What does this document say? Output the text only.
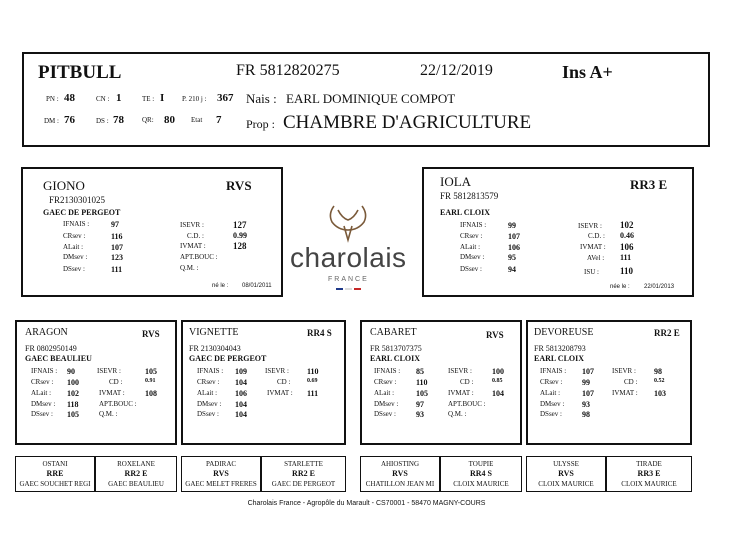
PITBULL	FR 5812820275	22/12/2019	Ins A+
PN : 48	CN : 1	TE : I	P. 210 j : 367 Nais : EARL DOMINIQUE COMPOT
DM : 76	DS : 78	QR: 80 Etat 7 Prop : CHAMBRE D'AGRICULTURE
GIONO	RVS
FR2130301025
GAEC DE PERGEOT
IFNAIS :	97
CRsev :	116
ALait :	107
DMsev :	123
DSsev :	111
ISEVR :	127
C.D. :	0.99
IVMAT :	128
APT.BOUC :
Q.M. :
né le : 08/01/2011
charolais
FRANCE
IOLA	RR3 E
FR 5812813579
EARL CLOIX
IFNAIS :	99
CRsev :	107
ALait :	106
DMsev :	95
DSsev :	94
ISEVR : 102
C.D. : 0.46
IVMAT : 106
AVel : 111
ISU : 110
née le : 22/01/2013
ARAGON	RVS
FR 0802950149
GAEC BEAULIEU
IFNAIS : 90
CRsev : 100
ALait : 102
DMsev : 118
DSsev : 105
ISEVR :	105
CD :	0.91
IVMAT :	108
APT.BOUC :
Q.M. :
VIGNETTE	RR4 S
FR 2130304043
GAEC DE PERGEOT
IFNAIS : 109
CRsev : 104
ALait : 106
DMsev : 104
DSsev : 104
ISEVR : 110
CD :	0.69
IVMAT : 111
CABARET	RVS
FR 5813707375
EARL CLOIX
IFNAIS : 85
CRsev : 110
ALait :	105
DMsev : 97
DSsev :	93
ISEVR :	100
CD :	0.85
IVMAT : 104
APT.BOUC :
Q.M. :
DEVOREUSE	RR2 E
FR 5813208793
EARL CLOIX
IFNAIS : 107
CRsev : 99
ALait :	107
DMsev : 93
DSsev :	98
ISEVR : 98
CD :	0.52
IVMAT : 103
OSTANI
RRE
GAEC SOUCHET REGI
ROXELANE
RR2 E
GAEC BEAULIEU
PADIRAC
RVS
GAEC MELET FRERES
STARLETTE
RR2 E
GAEC DE PERGEOT
AHIOSTING
RVS
CHATILLON JEAN MI
TOUPIE
RR4 S
CLOIX MAURICE
ULYSSE
RVS
CLOIX MAURICE
TIRADE
RR3 E
CLOIX MAURICE
Charolais France - Agropôle du Marault - CS70001 - 58470 MAGNY-COURS
